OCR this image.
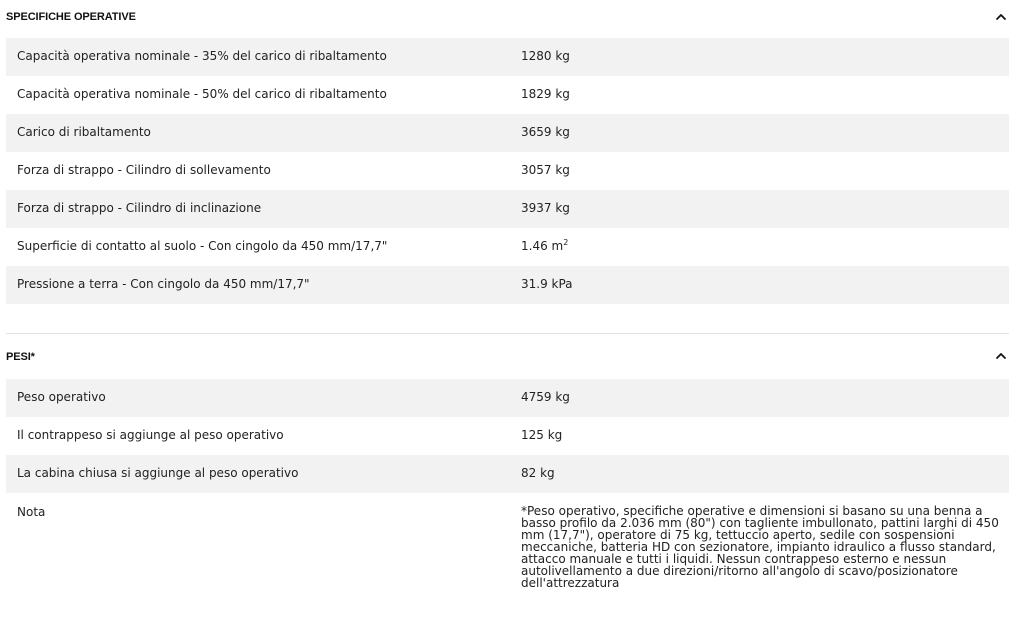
SPECIFICHE OPERATIVE
Capacità operativa nominale - 35% del carico di ribaltamento	1280 kg
Capacità operativa nominale - 50% del carico di ribaltamento	1829 kg
Carico di ribaltamento	3659 kg
Forza di strappo - Cilindro di sollevamento	3057 kg
Forza di strappo - Cilindro di inclinazione	3937 kg
Superficie di contatto al suolo - Con cingolo da 450 mm/17,7"	1.46 $m^2$
Pressione a terra - Con cingolo da 450 mm/17,7"	31.9 kPa
PESI*
Peso operativo	4759 kg
Il contrappeso si aggiunge al peso operativo	125 kg
La cabina chiusa si aggiunge al peso operativo	82 kg
Nota	*Peso operativo, specifiche operative e dimensioni si basano su una benna a basso profilo da 2.036 mm (80") con tagliente imbullonato, pattini larghi di 450 mm (17,7"), operatore di 75 kg, tettuccio aperto, sedile con sospensioni meccaniche, batteria HD con sezionatore, impianto idraulico a flusso standard, attacco manuale e tutti i liquidi. Nessun contrappeso esterno e nessun autolivellamento a due direzioni/ritorno all'angolo di scavo/posizionatore dell'attrezzatura
